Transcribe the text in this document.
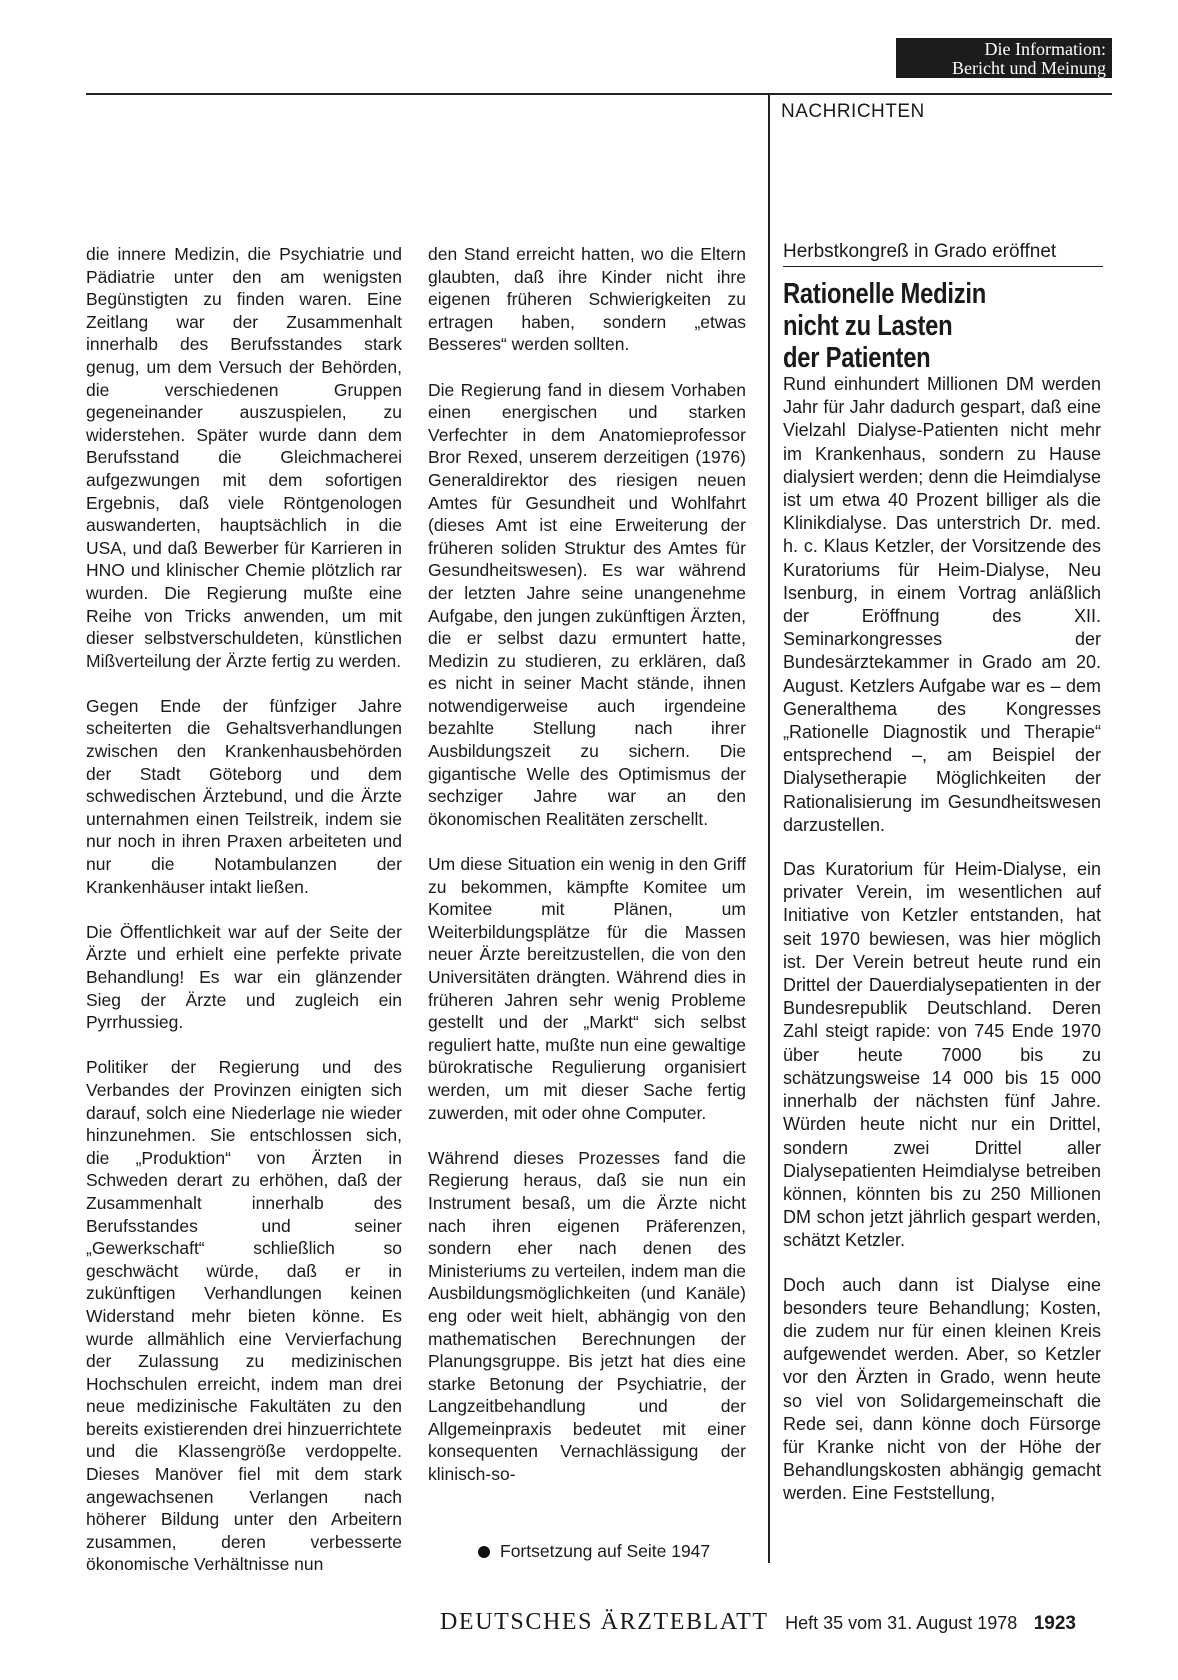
Die Information:
Bericht und Meinung
NACHRICHTEN

die innere Medizin, die Psychiatrie und Pädiatrie unter den am wenigsten Begünstigten zu finden waren. Eine Zeitlang war der Zusammenhalt innerhalb des Berufsstandes stark genug, um dem Versuch der Behörden, die verschiedenen Gruppen gegeneinander auszuspielen, zu widerstehen. Später wurde dann dem Berufsstand die Gleichmacherei aufgezwungen mit dem sofortigen Ergebnis, daß viele Röntgenologen auswanderten, hauptsächlich in die USA, und daß Bewerber für Karrieren in HNO und klinischer Chemie plötzlich rar wurden. Die Regierung mußte eine Reihe von Tricks anwenden, um mit dieser selbstverschuldeten, künstlichen Mißverteilung der Ärzte fertig zu werden.

Gegen Ende der fünfziger Jahre scheiterten die Gehaltsverhandlungen zwischen den Krankenhausbehörden der Stadt Göteborg und dem schwedischen Ärztebund, und die Ärzte unternahmen einen Teilstreik, indem sie nur noch in ihren Praxen arbeiteten und nur die Notambulanzen der Krankenhäuser intakt ließen.

Die Öffentlichkeit war auf der Seite der Ärzte und erhielt eine perfekte private Behandlung! Es war ein glänzender Sieg der Ärzte und zugleich ein Pyrrhussieg.

Politiker der Regierung und des Verbandes der Provinzen einigten sich darauf, solch eine Niederlage nie wieder hinzunehmen. Sie entschlossen sich, die „Produktion“ von Ärzten in Schweden derart zu erhöhen, daß der Zusammenhalt innerhalb des Berufsstandes und seiner „Gewerkschaft“ schließlich so geschwächt würde, daß er in zukünftigen Verhandlungen keinen Widerstand mehr bieten könne. Es wurde allmählich eine Vervierfachung der Zulassung zu medizinischen Hochschulen erreicht, indem man drei neue medizinische Fakultäten zu den bereits existierenden drei hinzuerrichtete und die Klassengröße verdoppelte. Dieses Manöver fiel mit dem stark angewachsenen Verlangen nach höherer Bildung unter den Arbeitern zusammen, deren verbesserte ökonomische Verhältnisse nun

den Stand erreicht hatten, wo die Eltern glaubten, daß ihre Kinder nicht ihre eigenen früheren Schwierigkeiten zu ertragen haben, sondern „etwas Besseres“ werden sollten.

Die Regierung fand in diesem Vorhaben einen energischen und starken Verfechter in dem Anatomieprofessor Bror Rexed, unserem derzeitigen (1976) Generaldirektor des riesigen neuen Amtes für Gesundheit und Wohlfahrt (dieses Amt ist eine Erweiterung der früheren soliden Struktur des Amtes für Gesundheitswesen). Es war während der letzten Jahre seine unangenehme Aufgabe, den jungen zukünftigen Ärzten, die er selbst dazu ermuntert hatte, Medizin zu studieren, zu erklären, daß es nicht in seiner Macht stände, ihnen notwendigerweise auch irgendeine bezahlte Stellung nach ihrer Ausbildungszeit zu sichern. Die gigantische Welle des Optimismus der sechziger Jahre war an den ökonomischen Realitäten zerschellt.

Um diese Situation ein wenig in den Griff zu bekommen, kämpfte Komitee um Komitee mit Plänen, um Weiterbildungsplätze für die Massen neuer Ärzte bereitzustellen, die von den Universitäten drängten. Während dies in früheren Jahren sehr wenig Probleme gestellt und der „Markt“ sich selbst reguliert hatte, mußte nun eine gewaltige bürokratische Regulierung organisiert werden, um mit dieser Sache fertig zuwerden, mit oder ohne Computer.

Während dieses Prozesses fand die Regierung heraus, daß sie nun ein Instrument besaß, um die Ärzte nicht nach ihren eigenen Präferenzen, sondern eher nach denen des Ministeriums zu verteilen, indem man die Ausbildungsmöglichkeiten (und Kanäle) eng oder weit hielt, abhängig von den mathematischen Berechnungen der Planungsgruppe. Bis jetzt hat dies eine starke Betonung der Psychiatrie, der Langzeitbehandlung und der Allgemeinpraxis bedeutet mit einer konsequenten Vernachlässigung der klinisch-so-

Fortsetzung auf Seite 1947
Herbstkongreß in Grado eröffnet
Rationelle Medizin
nicht zu Lasten
der Patienten

Rund einhundert Millionen DM werden Jahr für Jahr dadurch gespart, daß eine Vielzahl Dialyse-Patienten nicht mehr im Krankenhaus, sondern zu Hause dialysiert werden; denn die Heimdialyse ist um etwa 40 Prozent billiger als die Klinikdialyse. Das unterstrich Dr. med. h. c. Klaus Ketzler, der Vorsitzende des Kuratoriums für Heim-Dialyse, Neu Isenburg, in einem Vortrag anläßlich der Eröffnung des XII. Seminarkongresses der Bundesärztekammer in Grado am 20. August. Ketzlers Aufgabe war es – dem Generalthema des Kongresses „Rationelle Diagnostik und Therapie“ entsprechend –, am Beispiel der Dialysetherapie Möglichkeiten der Rationalisierung im Gesundheitswesen darzustellen.

Das Kuratorium für Heim-Dialyse, ein privater Verein, im wesentlichen auf Initiative von Ketzler entstanden, hat seit 1970 bewiesen, was hier möglich ist. Der Verein betreut heute rund ein Drittel der Dauerdialysepatienten in der Bundesrepublik Deutschland. Deren Zahl steigt rapide: von 745 Ende 1970 über heute 7000 bis zu schätzungsweise 14 000 bis 15 000 innerhalb der nächsten fünf Jahre. Würden heute nicht nur ein Drittel, sondern zwei Drittel aller Dialysepatienten Heimdialyse betreiben können, könnten bis zu 250 Millionen DM schon jetzt jährlich gespart werden, schätzt Ketzler.

Doch auch dann ist Dialyse eine besonders teure Behandlung; Kosten, die zudem nur für einen kleinen Kreis aufgewendet werden. Aber, so Ketzler vor den Ärzten in Grado, wenn heute so viel von Solidargemeinschaft die Rede sei, dann könne doch Fürsorge für Kranke nicht von der Höhe der Behandlungskosten abhängig gemacht werden. Eine Feststellung,

DEUTSCHES ÄRZTEBLATT Heft 35 vom 31. August 1978 1923
